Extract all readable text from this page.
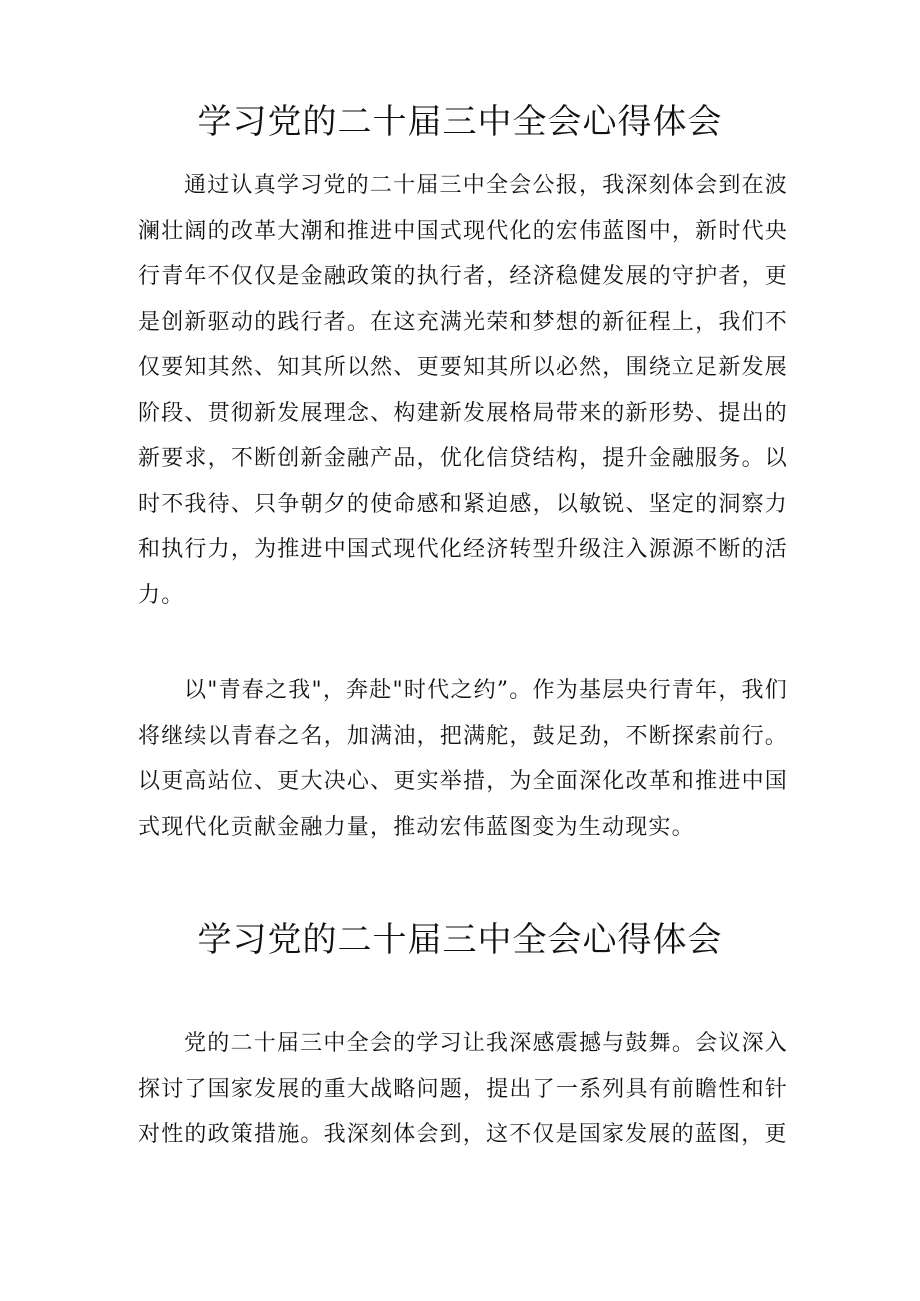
学习党的二十届三中全会心得体会

通过认真学习党的二十届三中全会公报，我深刻体会到在波澜壮阔的改革大潮和推进中国式现代化的宏伟蓝图中，新时代央行青年不仅仅是金融政策的执行者，经济稳健发展的守护者，更是创新驱动的践行者。在这充满光荣和梦想的新征程上，我们不仅要知其然、知其所以然、更要知其所以必然，围绕立足新发展阶段、贯彻新发展理念、构建新发展格局带来的新形势、提出的新要求，不断创新金融产品，优化信贷结构，提升金融服务。以时不我待、只争朝夕的使命感和紧迫感，以敏锐、坚定的洞察力和执行力，为推进中国式现代化经济转型升级注入源源不断的活力。

以"青春之我"，奔赴"时代之约”。作为基层央行青年，我们将继续以青春之名，加满油，把满舵，鼓足劲，不断探索前行。以更高站位、更大决心、更实举措，为全面深化改革和推进中国式现代化贡献金融力量，推动宏伟蓝图变为生动现实。

学习党的二十届三中全会心得体会

党的二十届三中全会的学习让我深感震撼与鼓舞。会议深入探讨了国家发展的重大战略问题，提出了一系列具有前瞻性和针对性的政策措施。我深刻体会到，这不仅是国家发展的蓝图，更
